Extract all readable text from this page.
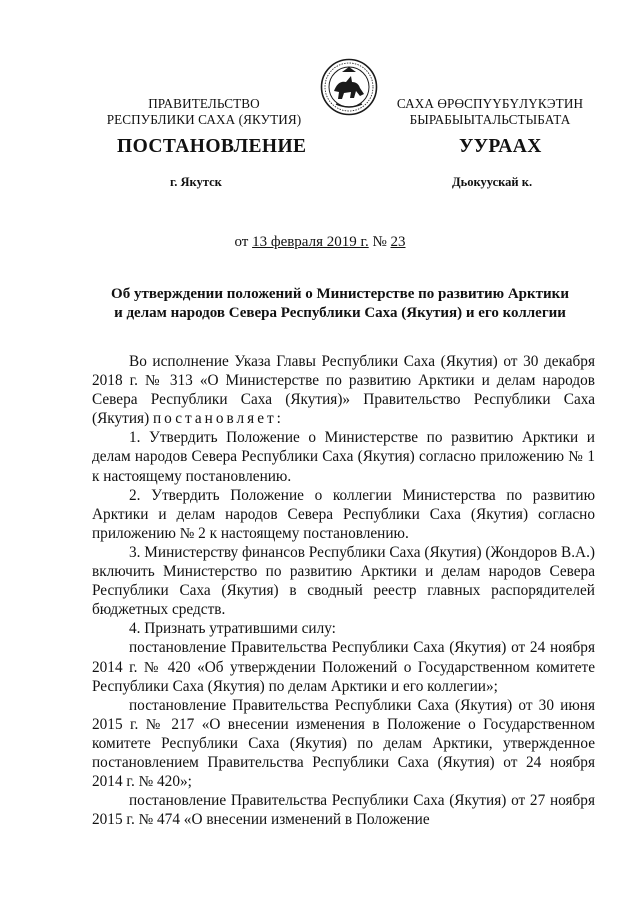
ПРАВИТЕЛЬСТВО
РЕСПУБЛИКИ САХА (ЯКУТИЯ)
САХА ӨРӨСПҮҮБҮЛҮКЭТИН
БЫРАБЫЫТАЛЬСТЫБАТА
ПОСТАНОВЛЕНИЕ	УУРААХ
г. Якутск	Дьокуускай к.
от 13 февраля 2019 г. № 23
Об утверждении положений о Министерстве по развитию Арктики
и делам народов Севера Республики Саха (Якутия) и его коллегии

Во исполнение Указа Главы Республики Саха (Якутия) от 30 декабря 2018 г. № 313 «О Министерстве по развитию Арктики и делам народов Севера Республики Саха (Якутия)» Правительство Республики Саха (Якутия) постановляет:

1. Утвердить Положение о Министерстве по развитию Арктики и делам народов Севера Республики Саха (Якутия) согласно приложению № 1 к настоящему постановлению.

2. Утвердить Положение о коллегии Министерства по развитию Арктики и делам народов Севера Республики Саха (Якутия) согласно приложению № 2 к настоящему постановлению.

3. Министерству финансов Республики Саха (Якутия) (Жондоров В.А.) включить Министерство по развитию Арктики и делам народов Севера Республики Саха (Якутия) в сводный реестр главных распорядителей бюджетных средств.

4. Признать утратившими силу:

постановление Правительства Республики Саха (Якутия) от 24 ноября 2014 г. № 420 «Об утверждении Положений о Государственном комитете Республики Саха (Якутия) по делам Арктики и его коллегии»;

постановление Правительства Республики Саха (Якутия) от 30 июня 2015 г. № 217 «О внесении изменения в Положение о Государственном комитете Республики Саха (Якутия) по делам Арктики, утвержденное постановлением Правительства Республики Саха (Якутия) от 24 ноября 2014 г. № 420»;

постановление Правительства Республики Саха (Якутия) от 27 ноября 2015 г. № 474 «О внесении изменений в Положение
